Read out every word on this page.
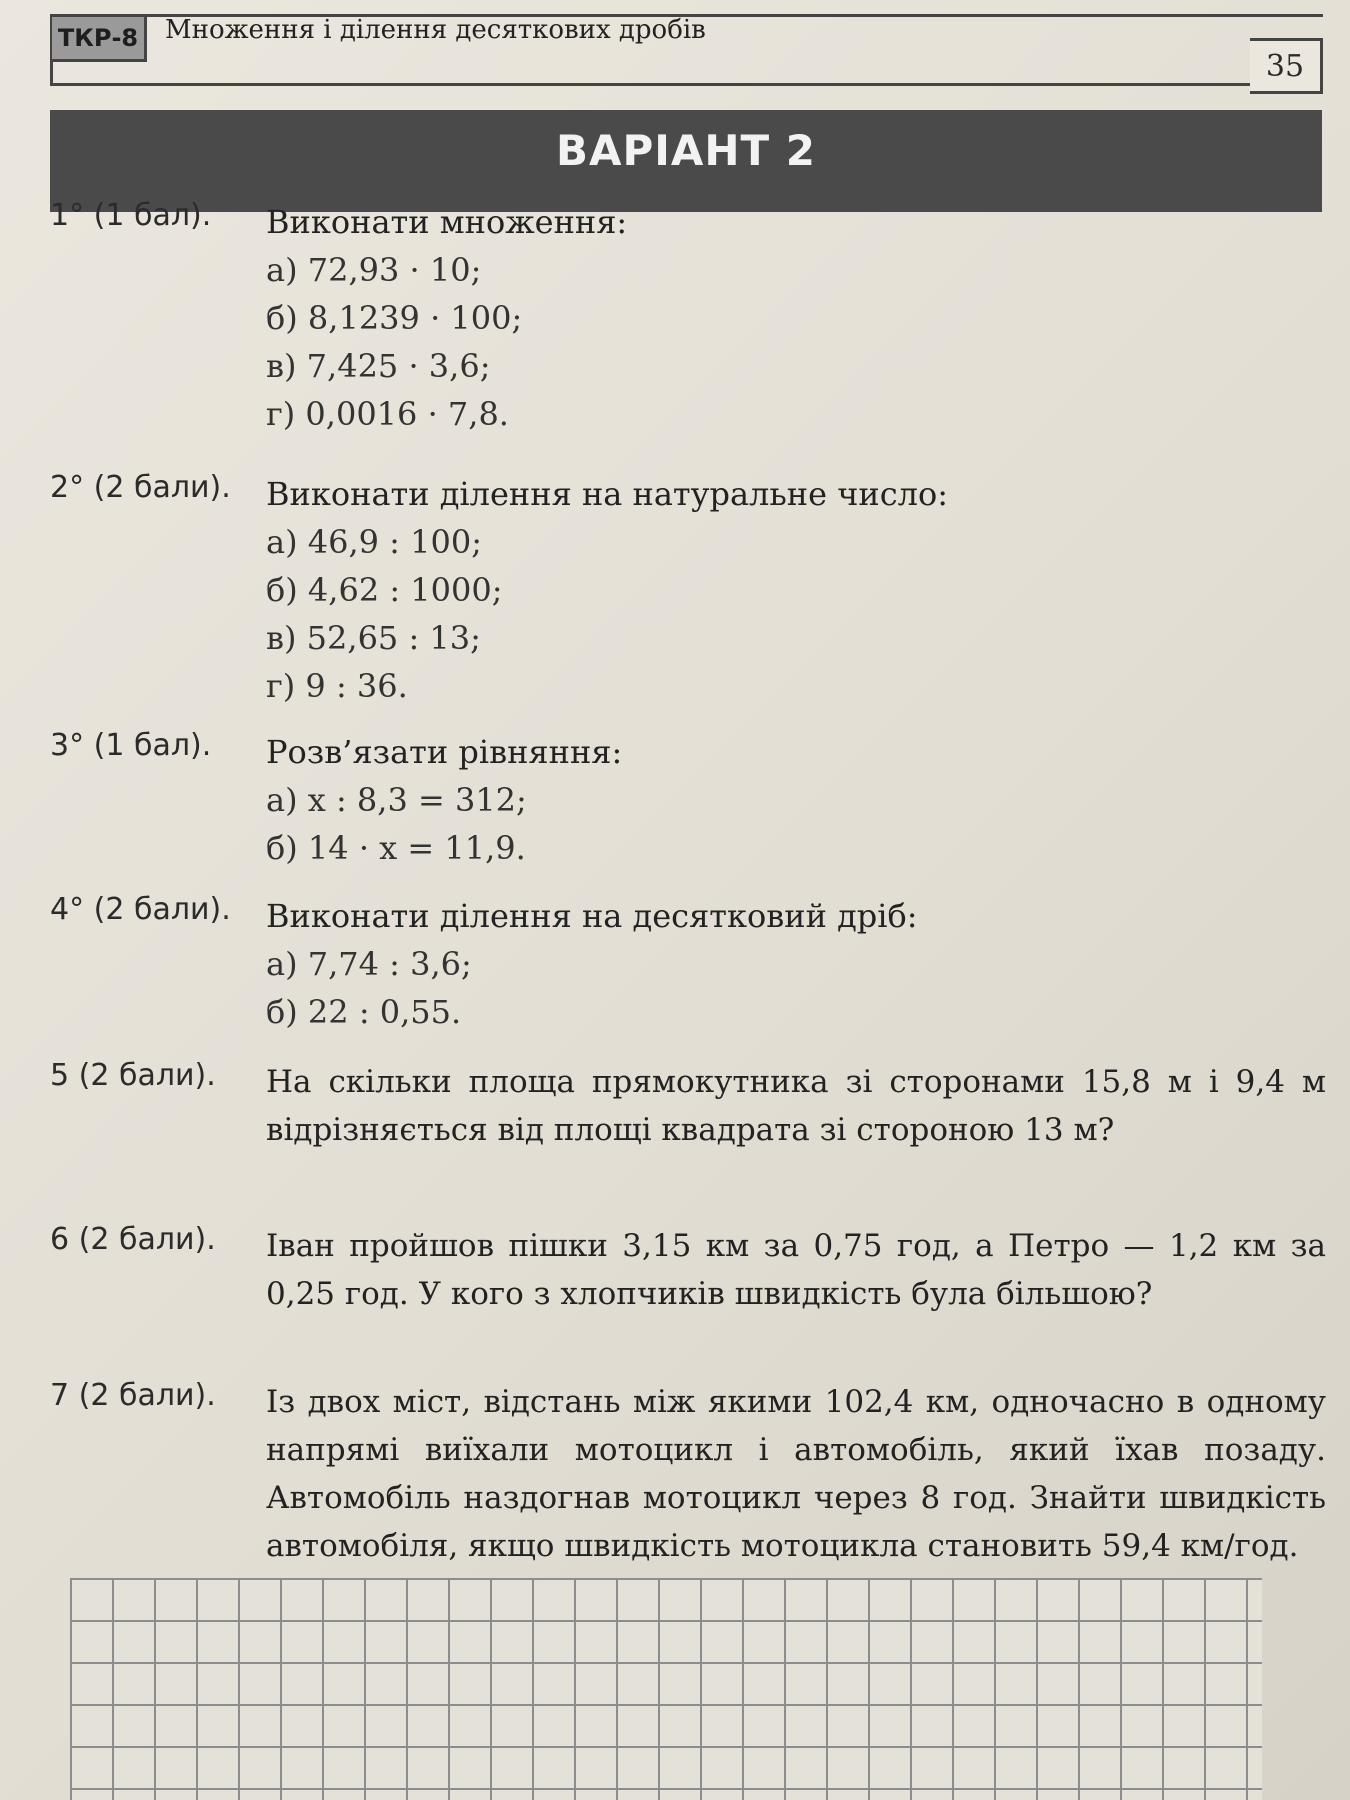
ТКР-8	Множення і ділення десяткових дробів
35
ВАРІАНТ 2
1° (1 бал). Виконати множення:
а) 72,93 · 10;
б) 8,1239 · 100;
в) 7,425 · 3,6;
г) 0,0016 · 7,8.
2° (2 бали). Виконати ділення на натуральне число:
а) 46,9 : 100;
б) 4,62 : 1000;
в) 52,65 : 13;
г) 9 : 36.
3° (1 бал). Розв’язати рівняння:
а) x : 8,3 = 312;
б) 14 · x = 11,9.
4° (2 бали). Виконати ділення на десятковий дріб:
а) 7,74 : 3,6;
б) 22 : 0,55.
5 (2 бали). На скільки площа прямокутника зі сторонами 15,8 м і 9,4 м відрізняється від площі квадрата зі стороною 13 м?
6 (2 бали). Іван пройшов пішки 3,15 км за 0,75 год, а Петро — 1,2 км за 0,25 год. У кого з хлопчиків швидкість була більшою?
7 (2 бали). Із двох міст, відстань між якими 102,4 км, одночасно в одному напрямі виїхали мотоцикл і автомобіль, який їхав позаду. Автомобіль наздогнав мотоцикл через 8 год. Знайти швидкість автомобіля, якщо швидкість мотоцикла становить 59,4 км/год.
